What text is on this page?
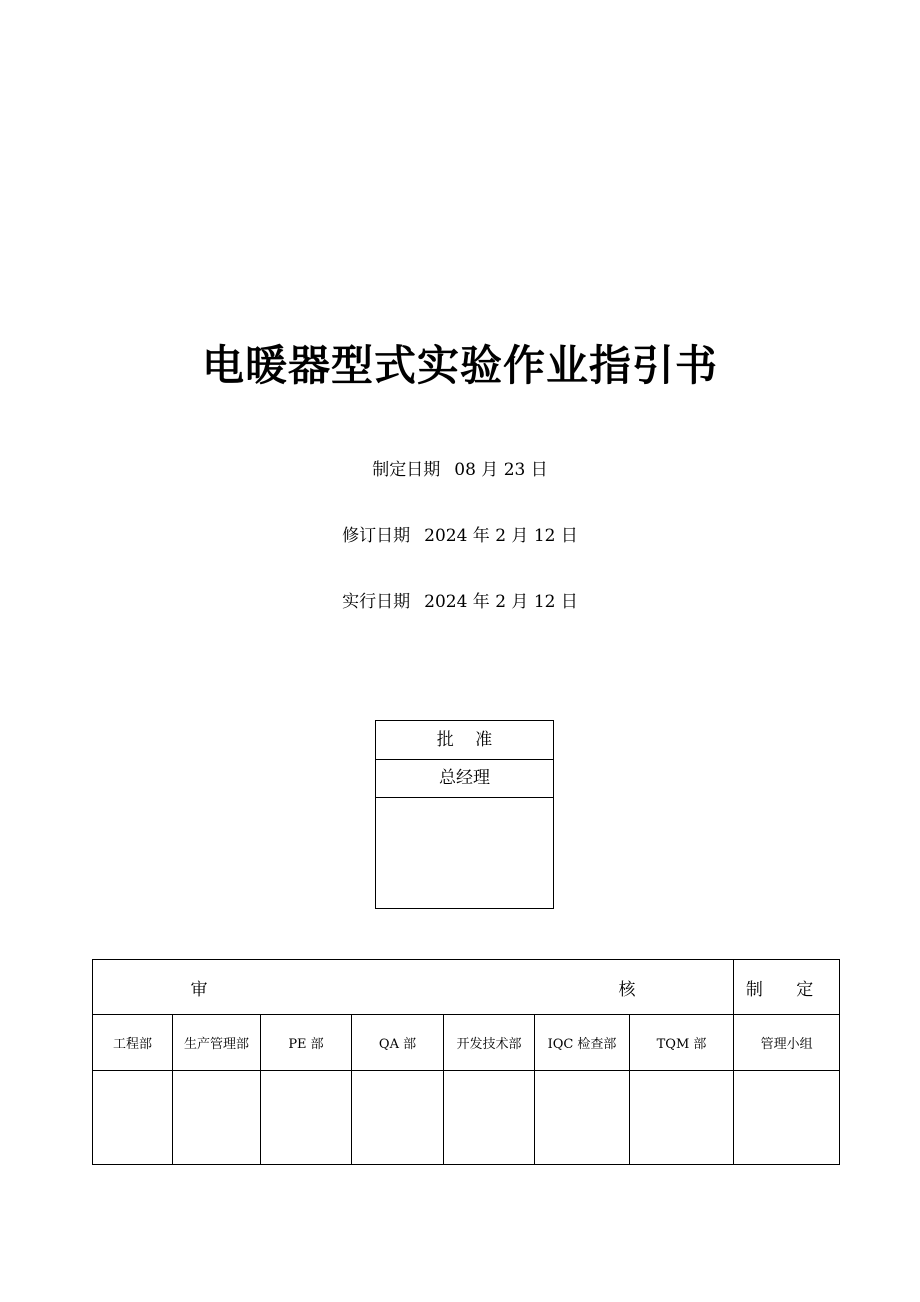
电暖器型式实验作业指引书
制定日期 08 月 23 日
修订日期 2024 年 2 月 12 日
实行日期 2024 年 2 月 12 日
批 准
总经理
审 核							制 定
工程部	生产管理部	PE 部	QA 部	开发技术部	IQC 检查部	TQM 部	管理小组
